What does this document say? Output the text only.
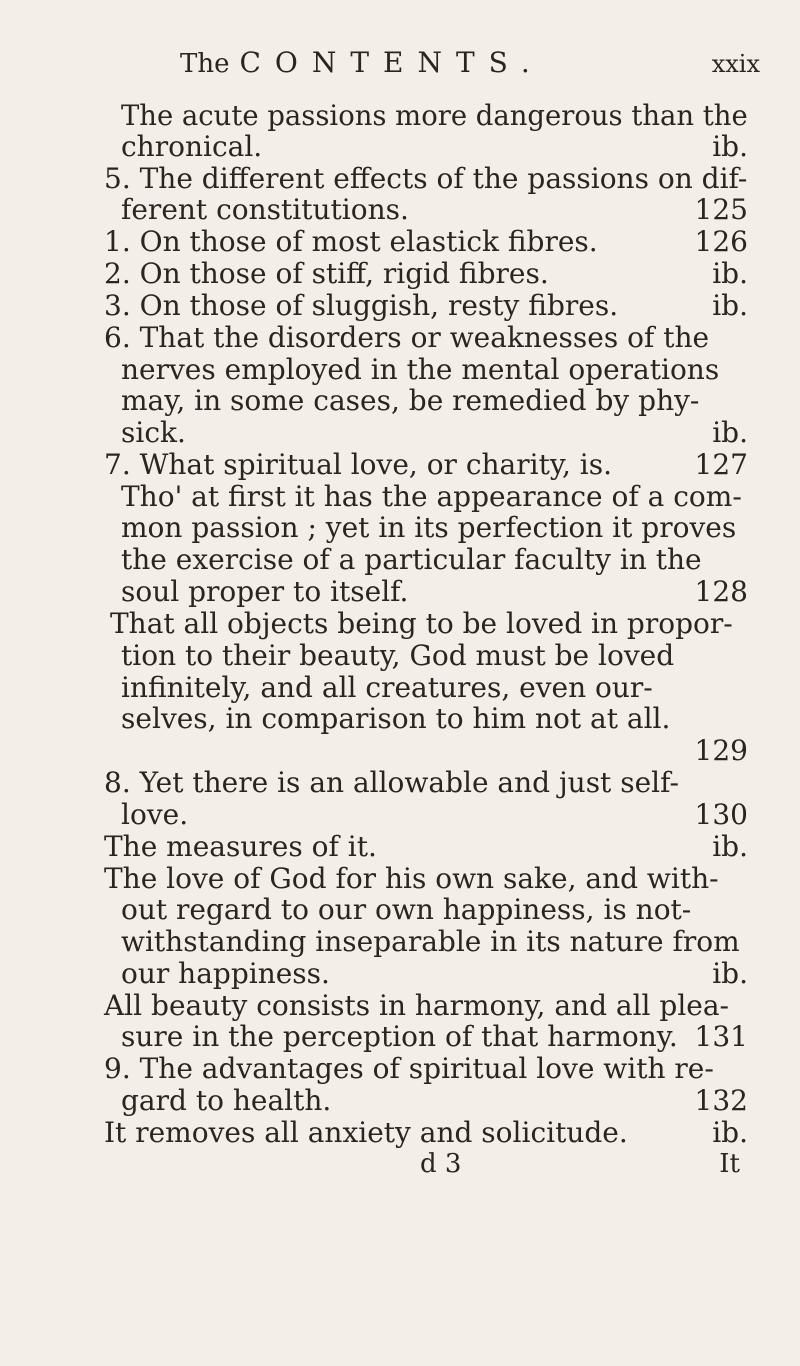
The CONTENTS.	xxix
The acute passions more dangerous than the
chronical.	ib.
5. The different effects of the passions on dif-
ferent constitutions.	125
1. On those of most elastick fibres.	126
2. On those of stiff, rigid fibres.	ib.
3. On those of sluggish, resty fibres.	ib.
6. That the disorders or weaknesses of the
nerves employed in the mental operations
may, in some cases, be remedied by phy-
sick.	ib.
7. What spiritual love, or charity, is.	127
Tho' at first it has the appearance of a com-
mon passion ; yet in its perfection it proves
the exercise of a particular faculty in the
soul proper to itself.	128
That all objects being to be loved in propor-
tion to their beauty, God must be loved
infinitely, and all creatures, even our-
selves, in comparison to him not at all.
129
8. Yet there is an allowable and just self-
love.	130
The measures of it.	ib.
The love of God for his own sake, and with-
out regard to our own happiness, is not-
withstanding inseparable in its nature from
our happiness.	ib.
All beauty consists in harmony, and all plea-
sure in the perception of that harmony. 131
9. The advantages of spiritual love with re-
gard to health.	132
It removes all anxiety and solicitude.	ib.
d 3	It
